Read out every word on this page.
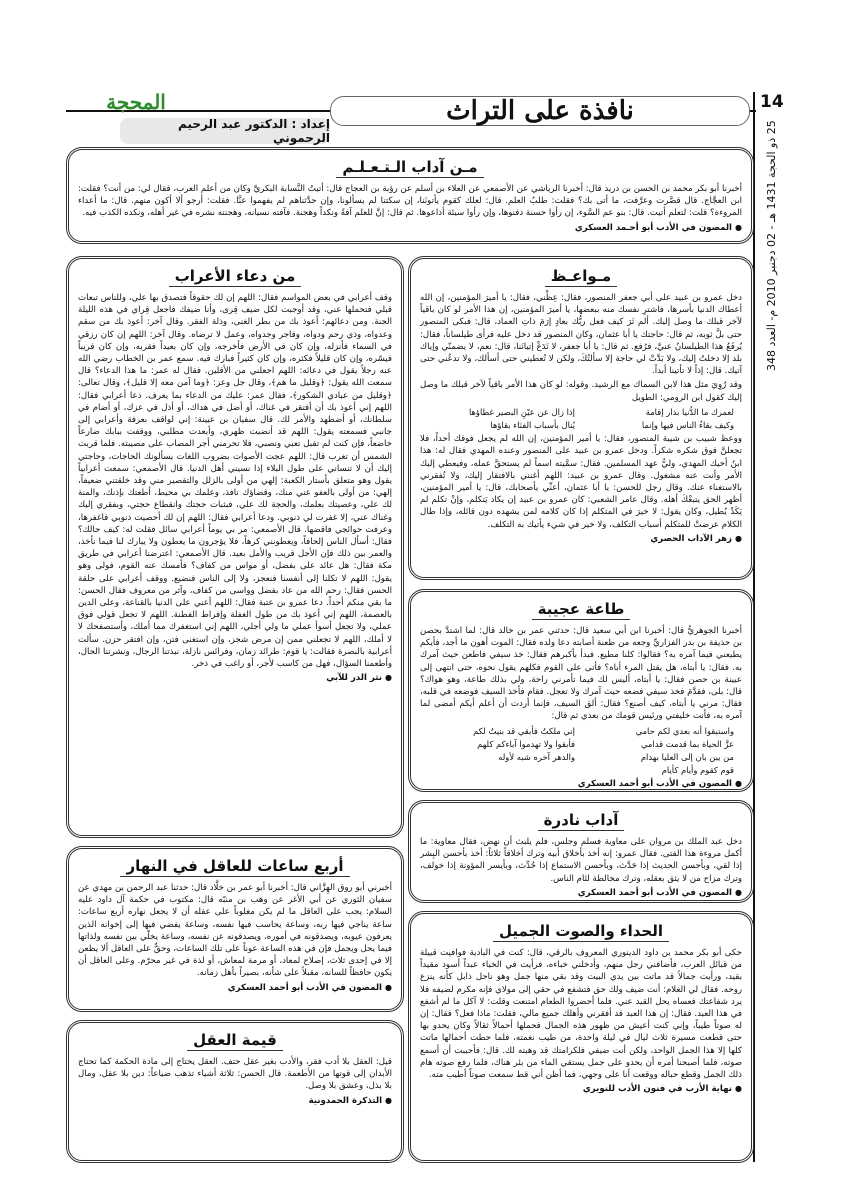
14
25 ذو الحجة 1431 هـ - 02 دجنبر 2010 م- العدد 348
نافذة على التراث
المحجة
إعداد : الدكتور عبد الرحيم الرحموني
مـن آداب الـتـعـلـم

أخبرنا أبو بكر محمد بن الحسن بن دريد قال: أخبرنا الرياشي عن الأصمعي عن العلاء بن أسلم عن رؤبة بن العجاج قال: أتيتُ النَّسابة البكريَّ وكان من أعلم العرب، فقال لي: من أنت؟ فقلت: ابن العجَّاج. قال قصَّرت وعرَّفت، ما أتى بك؟ فقلت: طلبُ العلم. قال: لعلك كقوم يأتونَنا، إن سكتنا لم يسألونا، وإن حدَّثناهم لم يفهموا عنَّا. فقلت: أرجو ألا أكون منهم. قال: ما أعداء المروءة؟ قلت: لتعلم أتيت. قال: بنو عم السَّوء، إن رأوا حسنة دفنوها، وإن رأوا سيئة أذاعوها. ثم قال: إنَّ للعلم آفةً ونكداً وهجنة. فآفته نسيانه، وهجنته نشره في غير أهله، ونكده الكذب فيه.

●المصون في الأدب أبو أحـمد العسكري
مـواعـظ

دخل عمرو بن عبيد على أبي جعفر المنصور، فقال: عِظْني، فقال: يا أميرَ المؤمنين، إن الله أعطاك الدنيا بأسرها، فاشترِ نفسك منه ببعضها، يا أميرَ المؤمنين، إن هذا الأمر لو كان باقياً لآخر قبلك ما وصل إليك. ألم تَرَ كيف فعل ربُّك بعادٍ إرَمَ ذاتِ العماد، قال: فبكى المنصور حتى بلَّ ثوبه، ثم قال: حاجتك يا أبا عثمان، وكان المنصور قد دخل عليه فرأى طيلساناً، فقال: يُرفَعُ هذا الطيلسانُ عنيَّ، فرُفع. ثم قال: يا أبا جعفر، لا تَدَعْ إتيانَنا، قال: نعم، لا يضمنّي وإياك بلد إلا دخلتُ إليك، ولا بَدَّتْ لي حاجة إلا سألتُكَ، ولكن لا تُعطيني حتى أسألك، ولا تدعُني حتى آتيك. قال: إذاً لا تأتينا أبداً.

وقد رُوِيَ مثل هذا لابن السماك مع الرشيد. وقوله: لو كان هذا الأمر باقياً لآخر قبلك ما وصل إليك كقول ابن الرومي: الطويل

لعمرك ما الدُّنيا بدار إقامة
إذا زال عن عيْنِ البصير غطاؤها
وكيف بقاءُ الناس فيها وإنما
يُنال بأسباب الفنَاء بقاؤها

ووعظ شبيب بن شيبة المنصور، فقال: يا أمير المؤمنين، إن الله لم يجعل فوقك أحداً، فلا تجعلنَّ فوق شكره شكراً. ودخل عمرو بن عبيد على المنصور وعنده المهدي فقال له: هذا ابنُ أخيك المهدي، وليُّ عهد المسلمين. فقال: سمَّيته اسماً لم يستحقَّ عمله، وفيعطي إليك الأمر وأنت عنه مشغول. وقال عمرو بن عبيد: اللهم أغنني بالافتقار إليك، ولا تُفقرني بالاستغناء عنك. وقال رجل للحسن: يا أبا عثمان، أعنِّي بأصحابك، قال: يا أمير المؤمنين، أظهر الحق يتبعْكَ أهله. وقال عامر الشعبي: كان عمرو بن عبيد إن يكاد يَتكلم، وإنْ تكلم لم يَكَدْ يُطيل، وكان يقول: لا خيرَ في المتكلم إذا كان كلامه لمن يشهده دون قائله، وإذا طال الكلام عرضتْ للمتكلم أسباب التكلف، ولا خير في شيء يأتيك به التكلف.

●زهر الآداب الحصري
من دعاء الأعراب

وقف أعرابي في بعض المواسم فقال: اللهم إن لك حقوقاً فتصدق بها علي، وللناس تبعات قبلي فتحملها عني، وقد أوجبت لكل ضيف قِرى، وأنا ضيفك فاجعل قِراي في هذه الليلة الجنة. ومن دعائهم: أعوذ بك من بطر الغنى، وذلة الفقر. وقال آخر: أعوذ بك من سقم وعدواه، وذي رحم ودواه، وفاجر وجدواه، وعمل لا ترضاه. وقال آخر: اللهم إن كان رزقي في السماء فأنزله، وإن كان في الأرض فأخرجه، وإن كان بعيداً فقربه، وإن كان قريباً فيسّره، وإن كان قليلاً فكثره، وإن كان كثيراً فبارك فيه. سمع عمر بن الخطاب رضي الله عنه رجلاً يقول في دعائه: اللهم اجعلني من الأقلين. فقال له عمر: ما هذا الدعاء؟ قال سمعت الله يقول: ﴿وقليل ما هم﴾، وقال جل وعز: ﴿وما آمن معه إلا قليل﴾، وقال تعالى: ﴿وقليل من عبادي الشكور﴾، فقال عمر: عليك من الدعاء بما يعرف. دعا أعرابي فقال: اللهم إني أعوذ بك أن أفتقر في غناك، أو أضل في هداك، أو أذل في عزك، أو أضام في سلطانك، أو أضطهد والأمر لك. قال سفيان بن عيينة: إني لواقف بعرفة وأعرابي إلى جانبي فسمعته يقول: اللهم قد أنضبت ظهري، وأبعدت مطلبي، ووقفت ببابك ضارعاً خاضعاً، فإن كنت لم تقبل تعبي ونصبي، فلا تحرمني أجر المصاب على مصيبته. فلما قربت الشمس أن تغرب قال: اللهم عجت الأصوات بضروب اللغات يسألونك الحاجات، وحاجتي إليك أن لا تنساني على طول البلاء إذا نسيني أهل الدنيا. قال الأصمعي: سمعت أعرابياً يقول وهو متعلق بأستار الكعبة: إلهي من أولى بالزلل والتقصير مني وقد خلقتني ضعيفاً، إلهي: من أولى بالعفو عني منك، وقضاؤك نافذ، وعلمك بي محيط، أطعتك بإذنك، والمنة لك علي، وعصيتك بعلمك، والحجة لك علي، فبثبات حجتك وانقطاع حجتي، وبفقري إليك وغناك عني، إلا غفرت لي ذنوبي. ودعا أعرابي فقال: اللهم إن لك أحصيت ذنوبي فاغفرها، وعرفت حوائجي فاقضها. قال الأصمعي: مر بي يوماً أعرابي سائل فقلت له: كيف حالك؟ فقال: أسأل الناس إلحافاً، ويعطونني كرهاً، فلا يؤجرون ما يعطون ولا يبارك لنا فيما نأخذ، والعمر بين ذلك فإن الأجل قريب والأمل بعيد. قال الأصمعي: اعترضنا أعرابي في طريق مكة فقال: هل عائد على بفضل، أو مواس من كفاف؟ فأمسك عنه القوم، فولى وهو يقول: اللهم لا تكلنا إلى أنفسنا فنعجز، ولا إلى الناس فنضيع. ووقف أعرابي على حلقة الحسن فقال: رحم الله من عاد بفضل وواسى من كفاف، وآثر من معروف فقال الحسن: ما بقي منكم أحداً. دعا عمرو بن عتبة فقال: اللهم أعني على الدنيا بالقناعة، وعلى الدين بالعصمة، اللهم إني أعوذ بك من طول الغفلة وإفراط الفطنة. اللهم لا تجعل قولي فوق عملي، ولا تجعل أسوأ عملي ما ولي أجلي، اللهم إني استغفرك مما أملك، وأستصفحك لا لا أملك، اللهم لا تجعلني ممن إن مرض شجز، وإن استغنى فتن، وإن افتقر حزن. سألت أعرابية بالبصرة فقالت: يا قوم: طرائد زمان، وفرائس نازلة، نبذتنا الرجال، ونشرتنا الحال، وأطعمنا السؤال، فهل من كاسب لأجر، أو راغب في ذخر.

●نثر الدر للآبي
طاعة عجيبة

أخبرنا الجوهريُّ قال: أخبرنا ابن أبي سعيد قال: حدثني عمر بن خالد قال: لما اشتدَّ بحصن بن حذيفة بن بدر الفزاريِّ وجعه من طعنة أصابته دعا ولده فقال: الموت أهون ما أجد، فأيكم يطيعني فيما آمره به؟ فقالوا: كلنا مطيع. فبدأ بأكبرهم فقال: خذ سيفي فاطعن حيث آمرك به. فقال: يا أبتاه، هل يقتل المرء أباه؟ فأتى على القوم فكلهم يقول نحوه، حتى انتهى إلى عيينة بن حصن فقال: يا أبتاه، أليس لك فيما تأمرني راحة، ولي بذلك طاعة، وهو هواك؟ قال: بلى، فقدَّمَ فخذ سيفي فضعه حيث آمرك ولا تعجل. فقام فأخذ السيف فوضعه في قلبه، فقال: مرني يا أبتاه، كيف أصنع؟ فقال: ألق السيف، فإنما أردت أن أعلم أيكم أمضى لما آمره به، فأنت خليفتي ورئيس قومك من بعدي ثم قال:

واستبقوا أنه بعدي لكم حامي
إني ملكتُ فأبقي قد بنيتُ لكم
عزَّ الحياة بما قدمت قدامي
فأبقوا ولا تهدموا آباءكم كلهم
من يبن بان إلى العليا بهدام
والدهر آخره شبه لأوله
قوم كقوم وأيام كأيام
●المصون في الأدب أبو أحمد العسكري
آداب نادرة

دخل عبد الملك بن مروان على معاوية فسلم وجلس، فلم يلبث أن نهض، فقال معاوية: ما أكمل مروءة هذا الفتى. فقال عمرو: إنه أخذ بأخلاق أبيه وترك أخلاقاً ثلاثاً: أخذ بأحسن البِشر إذا لقي، وبأحسن الحديث إذا حَدَّث، وبأحسن الاستماع إذا حُدِّث، وبأيسر المؤونة إذا خولف، وترك مزاح من لا يثق بعقله، وترك مخالطة لئام الناس.

●المصون في الأدب أبو أحمد العسكري
أربع ساعات للعاقل في النهار

أخبرني أبو روق الهِزَّاني قال: أخبرنا أبو عمر بن خلَّاد قال: حدثنا عبد الرحمن بن مهدي عن سفيان الثوري عن أبي الأغر عن وهب بن منبّه قال: مكتوب في حكمة آل داود عليه السلام: يجب على العاقل ما لم يكن مغلوباً على عقله أن لا يجعل نهاره أربع ساعات: ساعة يناجي فيها ربه، وساعة يحاسب فيها نفسه، وساعة يفضي فيها إلى إخوانه الذين يعرفون عيوبه، ويصدقونه في أموره، ويصدقونه عن نفسه، وساعة يخلّي بين نفسه ولذاتها فيما يحل ويجمل فإن في هذه الساعة عوناً على تلك الساعات، وحقٌّ على العاقل ألا يظعن إلا في إحدى ثلاث، إصلاح لمعاد، أو مرمة لمعاش، أو لذة في غير محرّم. وعلى العاقل أن يكون حافظاً للسانه، مقبلاً على شأنه، بصيراً بأهل زمانه.

●المصون في الأدب أبو أحمد العسكري
الحداء والصوت الجميل

حكى أبو بكر محمد بن داود الدينوري المعروف بالرقي، قال: كنت في البادية فوافيت قبيلة من قبائل العرب، فأضافني رجل منهم، وأدخلني خباءه، فرأيت في الخباء عبداً أسود مقيداً بقيد، ورأيت جمالاً قد ماتت بين يدي البيت وقد بقي منها جمل وهو ناحل ذابل كأنه ينزع روحه. فقال لي الغلام: أنت ضيف ولك حق فتشفع في حقي إلى مولاي فإنه مكرم لضيفه فلا يرد شفاعتك فعساه يحل القيد عني. فلما أحضروا الطعام امتنعت وقلت: لا آكل ما لم أشفع في هذا العبد. فقال: إن هذا العبد قد أفقرني وأهلك جميع مالي، فقلت: ماذا فعل؟ فقال: إن له صوتاً طيباً، وإني كنت أعيش من ظهور هذه الجمال فحملها أحمالاً ثقالاً وكان يحدو بها حتى قطعت مسيرة ثلاث ليال في ليلة واحدة، من طيب نغمته، فلما حطت أحمالها ماتت كلها إلا هذا الجمل الواحد، ولكن أنت ضيفي فلكرامتك قد وهبته لك. قال: فأحببت أن أسمع صوته، فلما أصبحنا أمره أن يحدو على جمل يستقي الماء من بئر هناك، فلما رفع صوته هام ذلك الجمل وقطع حباله ووقعت أنا على وجهي، فما أظن أني قط سمعت صوتاً أطيب منه.

●نهاية الأرب في فنون الأدب للنويري
قيمة العقل

قيل: العقل بلا أدب فقر، والأدب بغير عقل حتف. العقل يحتاج إلى مادة الحكمة كما تحتاج الأبدان إلى قوتها من الأطعمة. قال الحسن: ثلاثة أشياء تذهب ضياعاً: دين بلا عقل، ومال بلا بذل، وعشق بلا وصل.

●التذكرة الحمدونية
